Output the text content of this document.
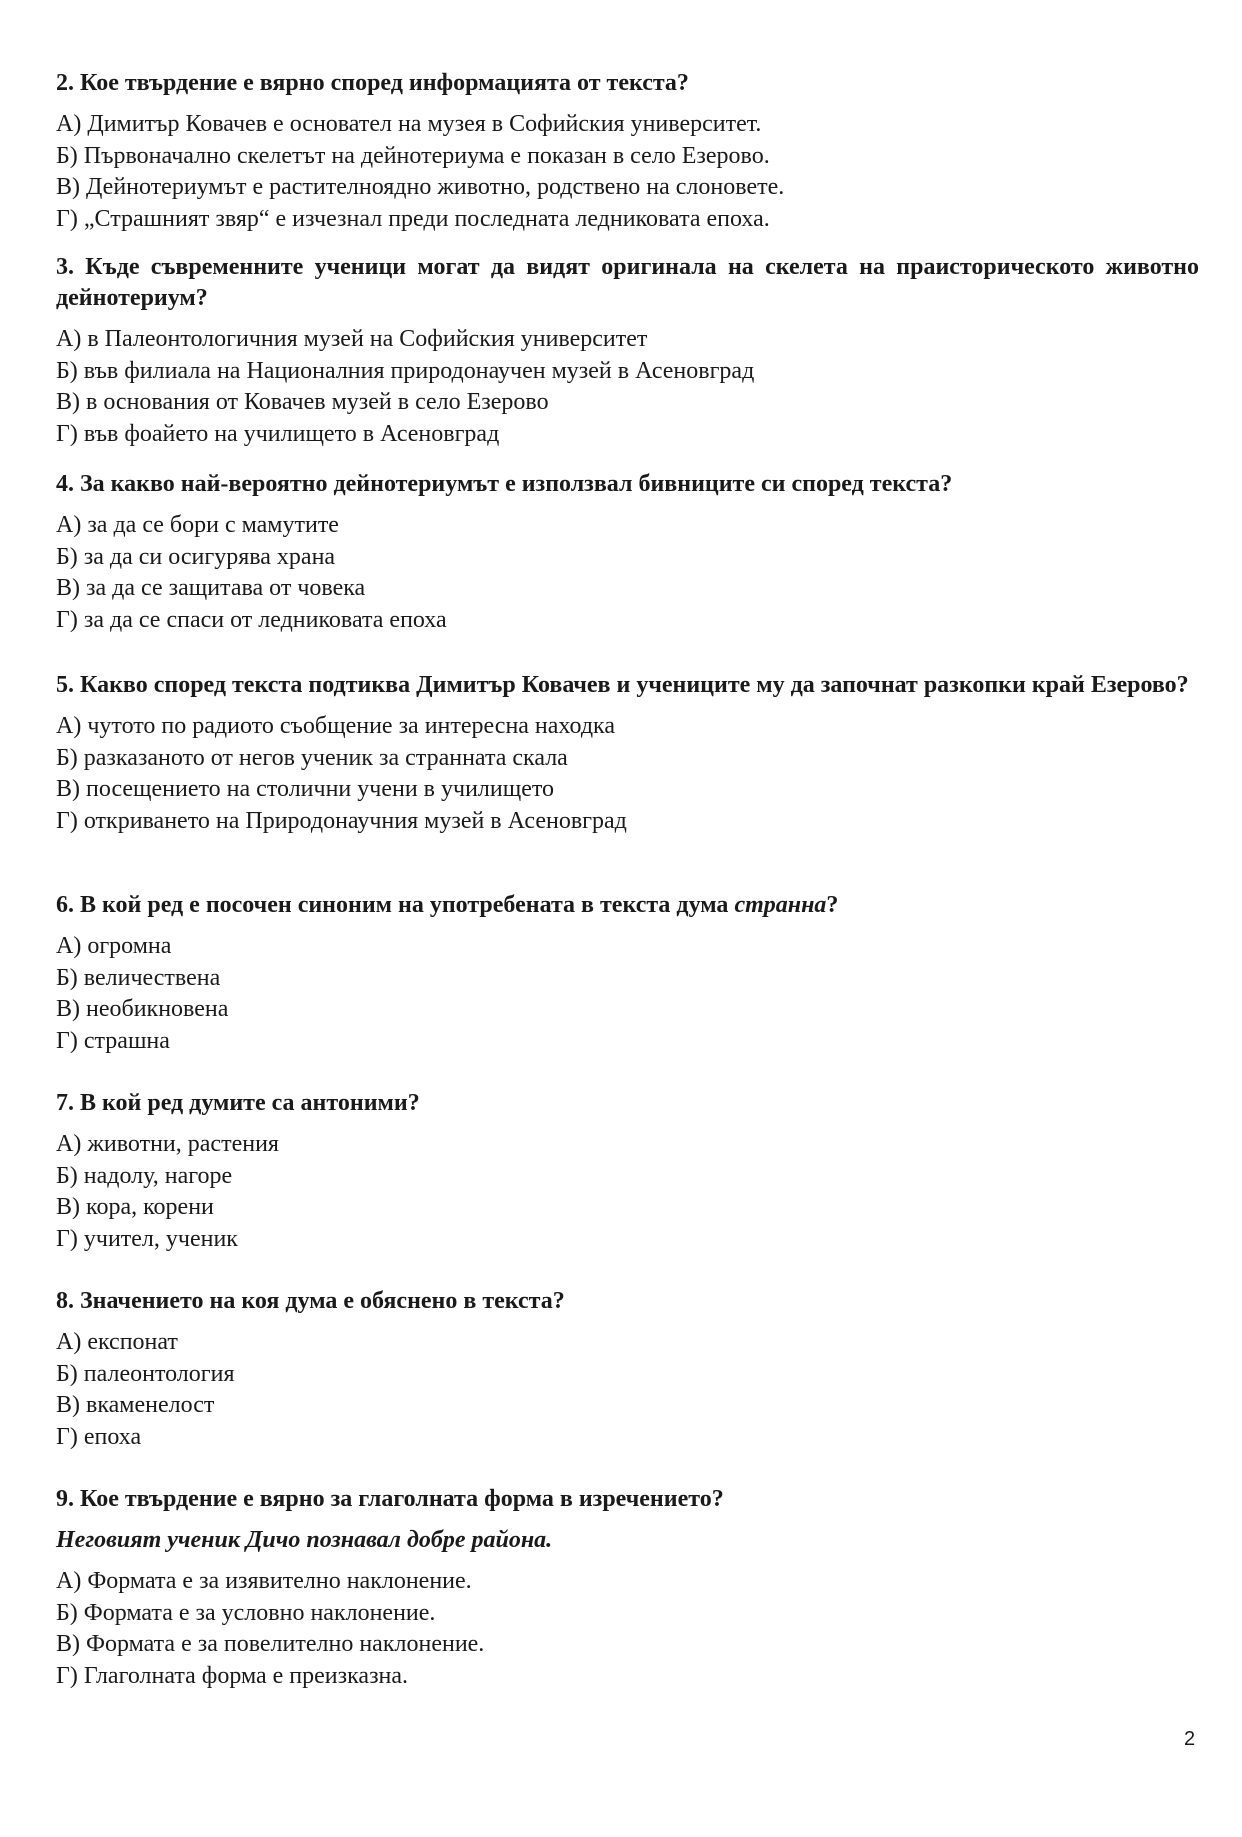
2. Кое твърдение е вярно според информацията от текста?
А) Димитър Ковачев е основател на музея в Софийския университет.
Б) Първоначално скелетът на дейнотериума е показан в село Езерово.
В) Дейнотериумът е растителноядно животно, родствено на слоновете.
Г) „Страшният звяр“ е изчезнал преди последната ледниковата епоха.
3. Къде съвременните ученици могат да видят оригинала на скелета на праисторическото животно дейнотериум?
А) в Палеонтологичния музей на Софийския университет
Б) във филиала на Националния природонаучен музей в Асеновград
В) в основания от Ковачев музей в село Езерово
Г) във фоайето на училището в Асеновград
4. За какво най-вероятно дейнотериумът е използвал бивниците си според текста?
А) за да се бори с мамутите
Б) за да си осигурява храна
В) за да се защитава от човека
Г) за да се спаси от ледниковата епоха
5. Какво според текста подтиква Димитър Ковачев и учениците му да започнат разкопки край Езерово?
А) чутото по радиото съобщение за интересна находка
Б) разказаното от негов ученик за странната скала
В) посещението на столични учени в училището
Г) откриването на Природонаучния музей в Асеновград
6. В кой ред е посочен синоним на употребената в текста дума странна?
А) огромна
Б) величествена
В) необикновена
Г) страшна
7. В кой ред думите са антоними?
А) животни, растения
Б) надолу, нагоре
В) кора, корени
Г) учител, ученик
8. Значението на коя дума е обяснено в текста?
А) експонат
Б) палеонтология
В) вкаменелост
Г) епоха
9. Кое твърдение е вярно за глаголната форма в изречението?
Неговият ученик Дичо познавал добре района.
А) Формата е за изявително наклонение.
Б) Формата е за условно наклонение.
В) Формата е за повелително наклонение.
Г) Глаголната форма е преизказна.
2
